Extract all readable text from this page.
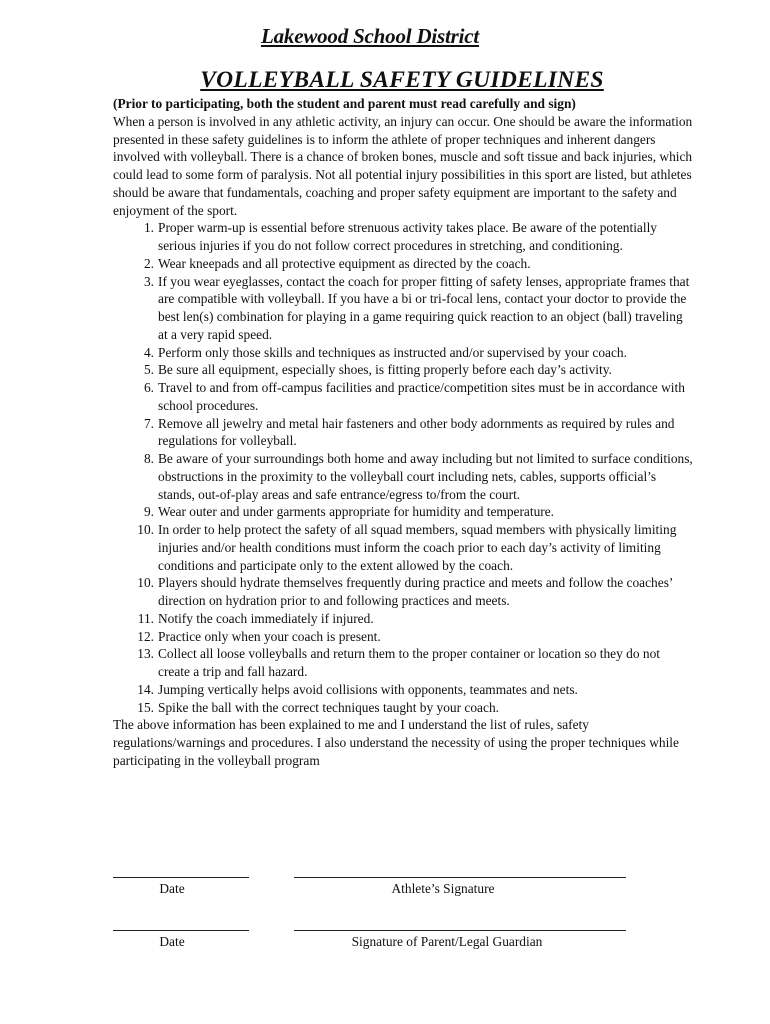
Lakewood School District
VOLLEYBALL SAFETY GUIDELINES

(Prior to participating, both the student and parent must read carefully and sign)

When a person is involved in any athletic activity, an injury can occur. One should be aware the information presented in these safety guidelines is to inform the athlete of proper techniques and inherent dangers involved with volleyball. There is a chance of broken bones, muscle and soft tissue and back injuries, which could lead to some form of paralysis. Not all potential injury possibilities in this sport are listed, but athletes should be aware that fundamentals, coaching and proper safety equipment are important to the safety and enjoyment of the sport.

1. Proper warm-up is essential before strenuous activity takes place. Be aware of the potentially serious injuries if you do not follow correct procedures in stretching, and conditioning.
2. Wear kneepads and all protective equipment as directed by the coach.
3. If you wear eyeglasses, contact the coach for proper fitting of safety lenses, appropriate frames that are compatible with volleyball. If you have a bi or tri-focal lens, contact your doctor to provide the best len(s) combination for playing in a game requiring quick reaction to an object (ball) traveling at a very rapid speed.
4. Perform only those skills and techniques as instructed and/or supervised by your coach.
5. Be sure all equipment, especially shoes, is fitting properly before each day’s activity.
6. Travel to and from off-campus facilities and practice/competition sites must be in accordance with school procedures.
7. Remove all jewelry and metal hair fasteners and other body adornments as required by rules and regulations for volleyball.
8. Be aware of your surroundings both home and away including but not limited to surface conditions, obstructions in the proximity to the volleyball court including nets, cables, supports official’s stands, out-of-play areas and safe entrance/egress to/from the court.
9. Wear outer and under garments appropriate for humidity and temperature.
10. In order to help protect the safety of all squad members, squad members with physically limiting injuries and/or health conditions must inform the coach prior to each day’s activity of limiting conditions and participate only to the extent allowed by the coach.
10. Players should hydrate themselves frequently during practice and meets and follow the coaches’ direction on hydration prior to and following practices and meets.
11. Notify the coach immediately if injured.
12. Practice only when your coach is present.
13. Collect all loose volleyballs and return them to the proper container or location so they do not create a trip and fall hazard.
14. Jumping vertically helps avoid collisions with opponents, teammates and nets.
15. Spike the ball with the correct techniques taught by your coach.

The above information has been explained to me and I understand the list of rules, safety regulations/warnings and procedures. I also understand the necessity of using the proper techniques while participating in the volleyball program

Date	Athlete’s Signature
Date	Signature of Parent/Legal Guardian
